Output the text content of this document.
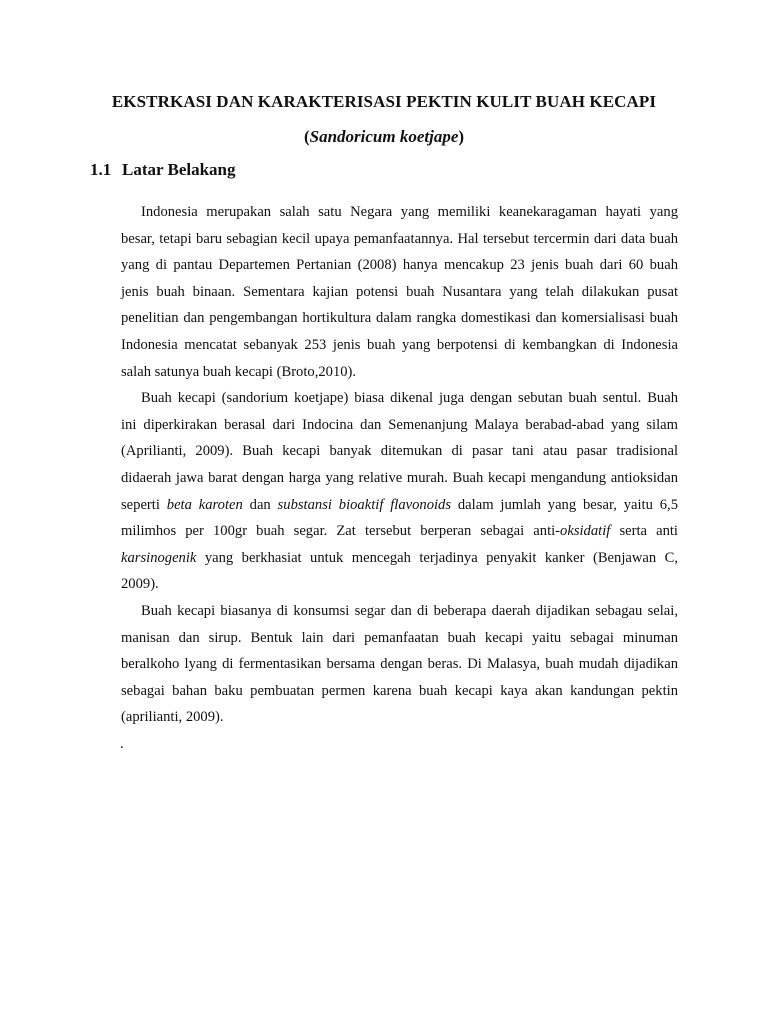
EKSTRKASI DAN KARAKTERISASI PEKTIN KULIT BUAH KECAPI
(Sandoricum koetjape)
1.1 Latar Belakang
Indonesia merupakan salah satu Negara yang memiliki keanekaragaman hayati yang
besar, tetapi baru sebagian kecil upaya pemanfaatannya. Hal tersebut tercermin dari data buah
yang di pantau Departemen Pertanian (2008) hanya mencakup 23 jenis buah dari 60 buah
jenis buah binaan. Sementara kajian potensi buah Nusantara yang telah dilakukan pusat
penelitian dan pengembangan hortikultura dalam rangka domestikasi dan komersialisasi buah
Indonesia mencatat sebanyak 253 jenis buah yang berpotensi di kembangkan di Indonesia
salah satunya buah kecapi (Broto,2010).
Buah kecapi (sandorium koetjape) biasa dikenal juga dengan sebutan buah sentul. Buah
ini diperkirakan berasal dari Indocina dan Semenanjung Malaya berabad-abad yang silam
(Aprilianti, 2009). Buah kecapi banyak ditemukan di pasar tani atau pasar tradisional
didaerah jawa barat dengan harga yang relative murah. Buah kecapi mengandung antioksidan
seperti beta karoten dan substansi bioaktif flavonoids dalam jumlah yang besar, yaitu 6,5
milimhos per 100gr buah segar. Zat tersebut berperan sebagai anti-oksidatif serta anti
karsinogenik yang berkhasiat untuk mencegah terjadinya penyakit kanker (Benjawan C,
2009).
Buah kecapi biasanya di konsumsi segar dan di beberapa daerah dijadikan sebagau selai,
manisan dan sirup. Bentuk lain dari pemanfaatan buah kecapi yaitu sebagai minuman
beralkoho lyang di fermentasikan bersama dengan beras. Di Malasya, buah mudah dijadikan
sebagai bahan baku pembuatan permen karena buah kecapi kaya akan kandungan pektin
(aprilianti, 2009).
.
